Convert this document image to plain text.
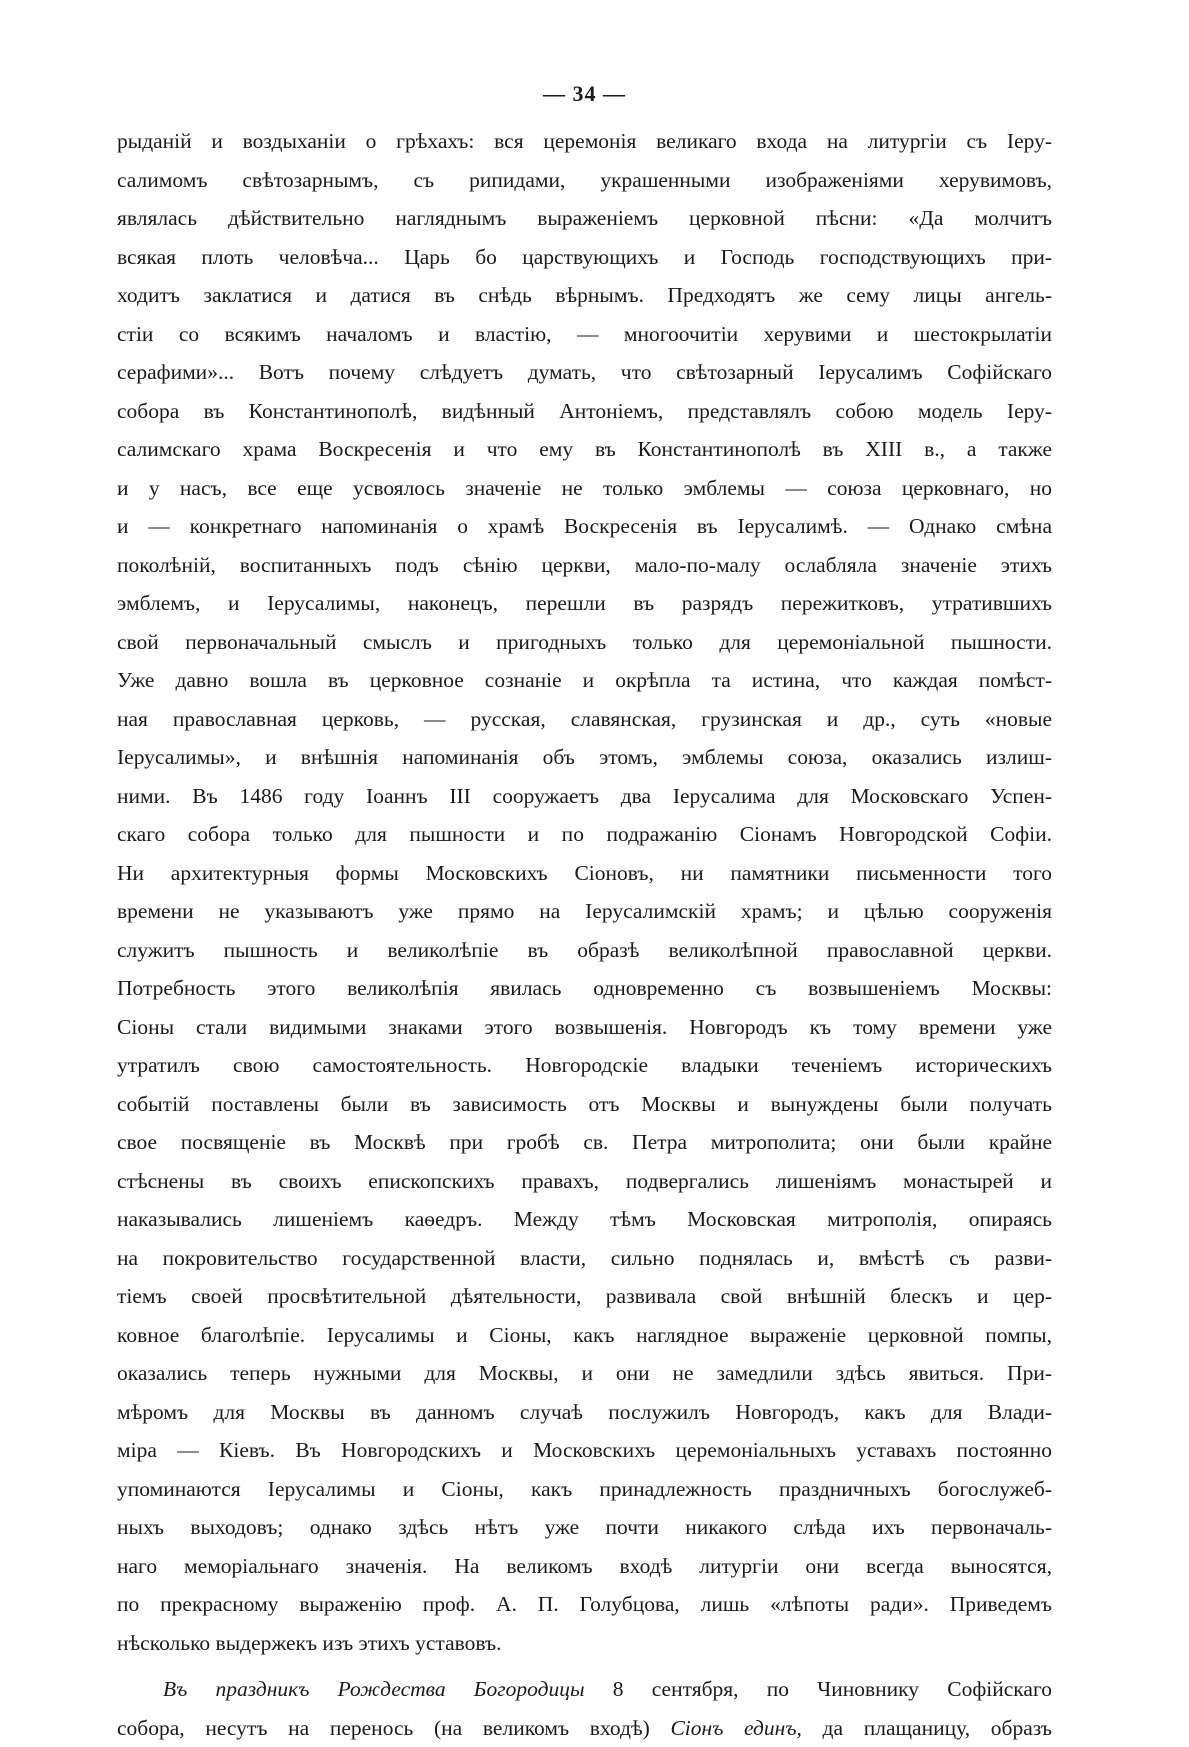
— 34 —
рыданій и воздыханіи о грѣхахъ: вся церемонія великаго входа на литургіи съ Іеру-
салимомъ свѣтозарнымъ, съ рипидами, украшенными изображеніями херувимовъ,
являлась дѣйствительно нагляднымъ выраженіемъ церковной пѣсни: «Да молчитъ
всякая плоть человѣча... Царь бо царствующихъ и Господь господствующихъ при-
ходитъ заклатися и датися въ снѣдь вѣрнымъ. Предходятъ же сему лицы ангель-
стіи со всякимъ началомъ и властію, — многоочитіи херувими и шестокрылатіи
серафими»... Вотъ почему слѣдуетъ думать, что свѣтозарный Іерусалимъ Софійскаго
собора въ Константинополѣ, видѣнный Антоніемъ, представлялъ собою модель Іеру-
салимскаго храма Воскресенія и что ему въ Константинополѣ въ XIII в., а также
и у насъ, все еще усвоялось значеніе не только эмблемы — союза церковнаго, но
и — конкретнаго напоминанія о храмѣ Воскресенія въ Іерусалимѣ. — Однако смѣна
поколѣній, воспитанныхъ подъ сѣнію церкви, мало-по-малу ослабляла значеніе этихъ
эмблемъ, и Іерусалимы, наконецъ, перешли въ разрядъ пережитковъ, утратившихъ
свой первоначальный смыслъ и пригодныхъ только для церемоніальной пышности.
Уже давно вошла въ церковное сознаніе и окрѣпла та истина, что каждая помѣст-
ная православная церковь, — русская, славянская, грузинская и др., суть «новые
Іерусалимы», и внѣшнія напоминанія объ этомъ, эмблемы союза, оказались излиш-
ними. Въ 1486 году Іоаннъ III сооружаетъ два Іерусалима для Московскаго Успен-
скаго собора только для пышности и по подражанію Сіонамъ Новгородской Софіи.
Ни архитектурныя формы Московскихъ Сіоновъ, ни памятники письменности того
времени не указываютъ уже прямо на Іерусалимскій храмъ; и цѣлью сооруженія
служитъ пышность и великолѣпіе въ образѣ великолѣпной православной церкви.
Потребность этого великолѣпія явилась одновременно съ возвышеніемъ Москвы:
Сіоны стали видимыми знаками этого возвышенія. Новгородъ къ тому времени уже
утратилъ свою самостоятельность. Новгородскіе владыки теченіемъ историческихъ
событій поставлены были въ зависимость отъ Москвы и вынуждены были получать
свое посвященіе въ Москвѣ при гробѣ св. Петра митрополита; они были крайне
стѣснены въ своихъ епископскихъ правахъ, подвергались лишеніямъ монастырей и
наказывались лишеніемъ каѳедръ. Между тѣмъ Московская митрополія, опираясь
на покровительство государственной власти, сильно поднялась и, вмѣстѣ съ разви-
тіемъ своей просвѣтительной дѣятельности, развивала свой внѣшній блескъ и цер-
ковное благолѣпіе. Іерусалимы и Сіоны, какъ наглядное выраженіе церковной помпы,
оказались теперь нужными для Москвы, и они не замедлили здѣсь явиться. При-
мѣромъ для Москвы въ данномъ случаѣ послужилъ Новгородъ, какъ для Влади-
міра — Кіевъ. Въ Новгородскихъ и Московскихъ церемоніальныхъ уставахъ постоянно
упоминаются Іерусалимы и Сіоны, какъ принадлежность праздничныхъ богослужеб-
ныхъ выходовъ; однако здѣсь нѣтъ уже почти никакого слѣда ихъ первоначаль-
наго меморіальнаго значенія. На великомъ входѣ литургіи они всегда выносятся,
по прекрасному выраженію проф. А. П. Голубцова, лишь «лѣпоты ради». Приведемъ
нѣсколько выдержекъ изъ этихъ уставовъ.
Въ праздникъ Рождества Богородицы 8 сентября, по Чиновнику Софійскаго
собора, несутъ на перенось (на великомъ входѣ) Сіонъ единъ, да плащаницу, образъ
